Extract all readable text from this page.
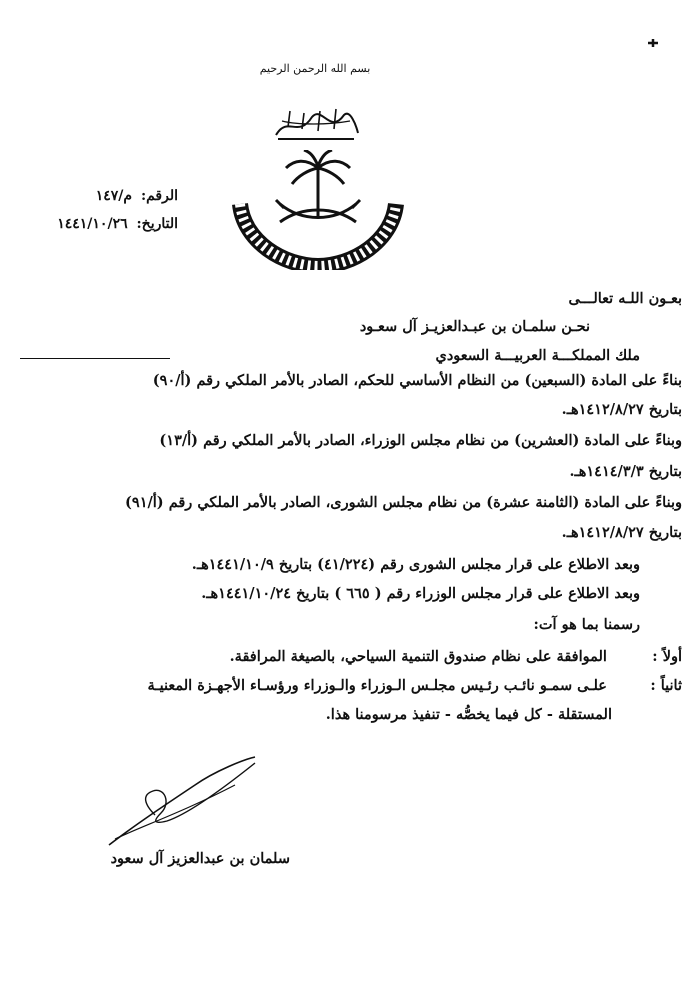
بسم الله الرحمن الرحيم
الرقم: م/١٤٧
التاريخ: ١٤٤١/١٠/٢٦
بعـون اللـه تعالـــى
نحـن سلمـان بن عبـدالعزيـز آل سعـود
ملك المملكـــة العربيـــة السعودي
بناءً على المادة (السبعين) من النظام الأساسي للحكم، الصادر بالأمر الملكي رقم (أ/٩٠)
بتاريخ ١٤١٢/٨/٢٧هـ.
وبناءً على المادة (العشرين) من نظام مجلس الوزراء، الصادر بالأمر الملكي رقم (أ/١٣)
بتاريخ ١٤١٤/٣/٣هـ.
وبناءً على المادة (الثامنة عشرة) من نظام مجلس الشورى، الصادر بالأمر الملكي رقم (أ/٩١)
بتاريخ ١٤١٢/٨/٢٧هـ.
وبعد الاطلاع على قرار مجلس الشورى رقم (٤١/٢٢٤) بتاريخ ١٤٤١/١٠/٩هـ.
وبعد الاطلاع على قرار مجلس الوزراء رقم ( ٦٦٥ ) بتاريخ ١٤٤١/١٠/٢٤هـ.
رسمنا بما هو آت:
أولاً : الموافقة على نظام صندوق التنمية السياحي، بالصيغة المرافقة.
ثانياً : علـى سمـو نائـب رئـيس مجلـس الـوزراء والـوزراء ورؤسـاء الأجهـزة المعنيـة
المستقلة - كل فيما يخصُّه - تنفيذ مرسومنا هذا.
سلمان بن عبدالعزيز آل سعود
